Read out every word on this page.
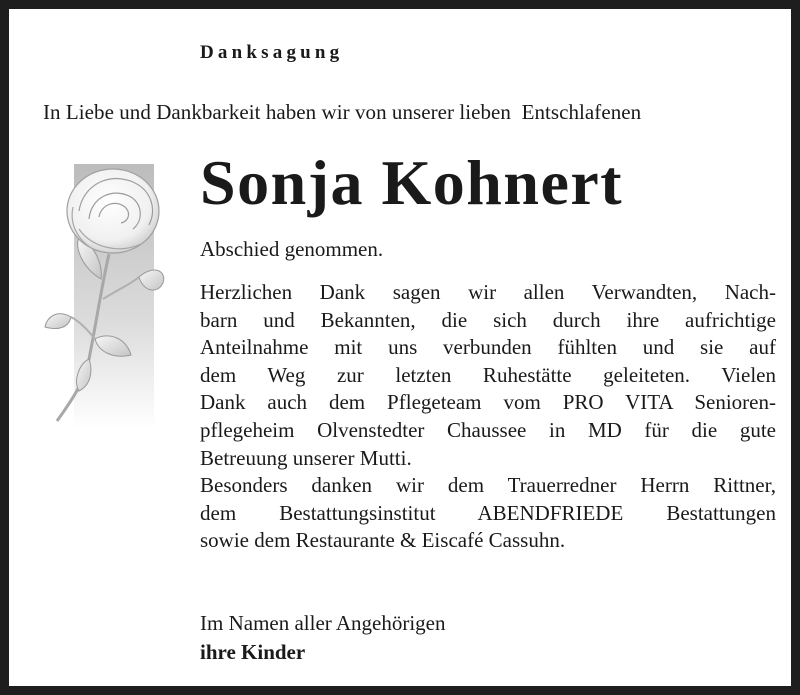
Danksagung
In Liebe und Dankbarkeit haben wir von unserer lieben  Entschlafenen
Sonja Kohnert
Abschied genommen.
Herzlichen Dank sagen wir allen Verwandten, Nach-
barn und Bekannten, die sich durch ihre aufrichtige
Anteilnahme mit uns verbunden fühlten und sie auf
dem Weg zur letzten Ruhestätte geleiteten. Vielen
Dank auch dem Pflegeteam vom PRO VITA Senioren-
pflegeheim Olvenstedter Chaussee in MD für die gute
Betreuung unserer Mutti.
Besonders danken wir dem Trauerredner Herrn Rittner,
dem Bestattungsinstitut ABENDFRIEDE Bestattungen
sowie dem Restaurante & Eiscafé Cassuhn.
Im Namen aller Angehörigen
ihre Kinder
